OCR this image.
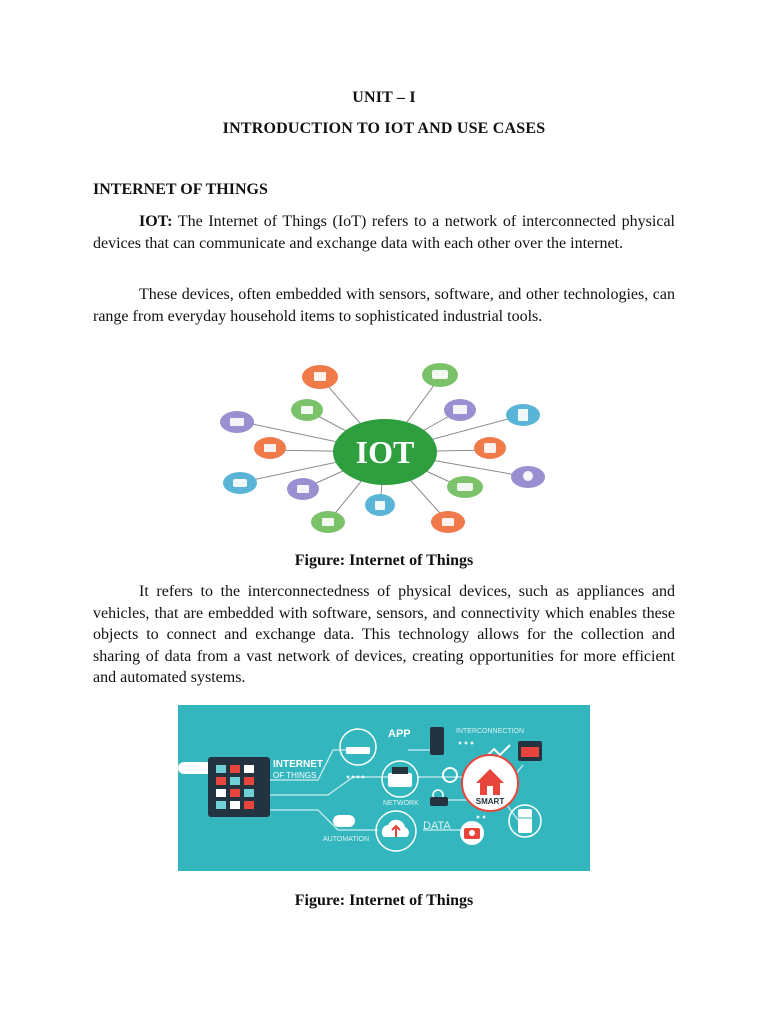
UNIT – I
INTRODUCTION TO IOT AND USE CASES
INTERNET OF THINGS

IOT: The Internet of Things (IoT) refers to a network of interconnected physical devices that can communicate and exchange data with each other over the internet.

These devices, often embedded with sensors, software, and other technologies, can range from everyday household items to sophisticated industrial tools.

IOT
Figure: Internet of Things

It refers to the interconnectedness of physical devices, such as appliances and vehicles, that are embedded with software, sensors, and connectivity which enables these objects to connect and exchange data. This technology allows for the collection and sharing of data from a vast network of devices, creating opportunities for more efficient and automated systems.

INTERNET
OF THINGS
APP	INTERCONNECTION
SMART
NETWORK
DATA
AUTOMATION
Figure: Internet of Things
